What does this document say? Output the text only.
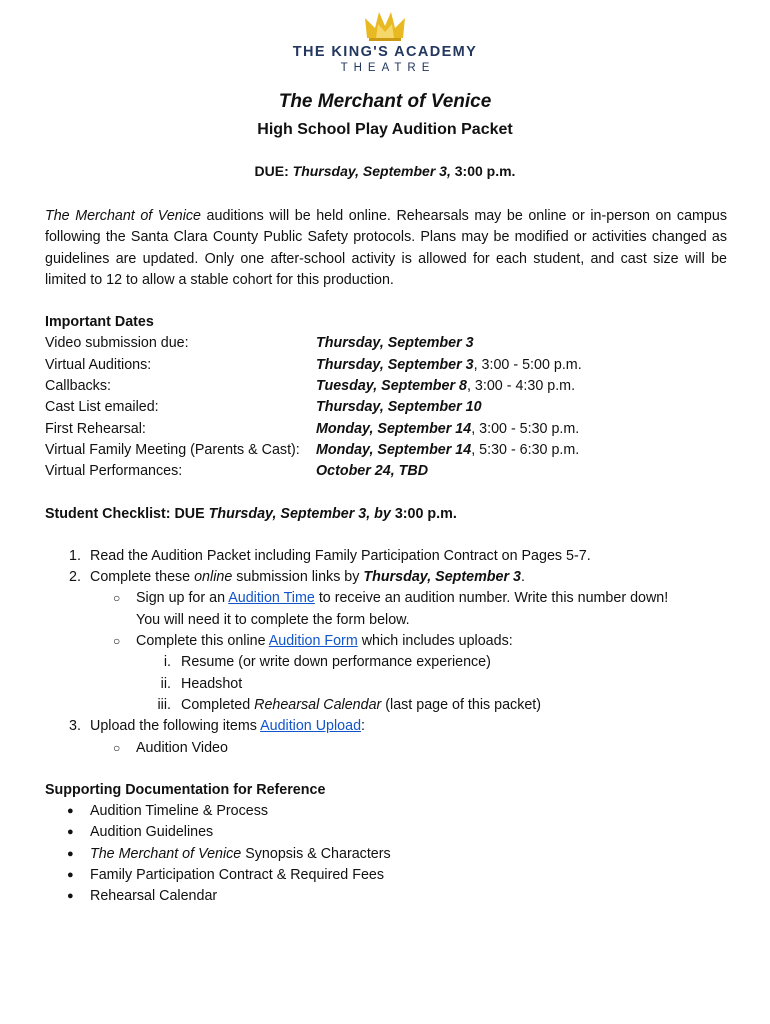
THE KING'S ACADEMY
THEATRE

The Merchant of Venice

High School Play Audition Packet

DUE: Thursday, September 3, 3:00 p.m.

The Merchant of Venice auditions will be held online. Rehearsals may be online or in-person on campus following the Santa Clara County Public Safety protocols. Plans may be modified or activities changed as guidelines are updated. Only one after-school activity is allowed for each student, and cast size will be limited to 12 to allow a stable cohort for this production.

Important Dates

Video submission due:	Thursday, September 3
Virtual Auditions:	Thursday, September 3, 3:00 - 5:00 p.m.
Callbacks:	Tuesday, September 8, 3:00 - 4:30 p.m.
Cast List emailed:	Thursday, September 10
First Rehearsal:	Monday, September 14, 3:00 - 5:30 p.m.
Virtual Family Meeting (Parents & Cast):	Monday, September 14, 5:30 - 6:30 p.m.
Virtual Performances:	October 24, TBD

Student Checklist: DUE Thursday, September 3, by 3:00 p.m.

1. Read the Audition Packet including Family Participation Contract on Pages 5-7.
2. Complete these online submission links by Thursday, September 3.
○	Sign up for an Audition Time to receive an audition number. Write this number down!
You will need it to complete the form below.
○	Complete this online Audition Form which includes uploads:
i. Resume (or write down performance experience)
ii. Headshot
iii. Completed Rehearsal Calendar (last page of this packet)
3. Upload the following items Audition Upload:
○	Audition Video

Supporting Documentation for Reference

●	Audition Timeline & Process
●	Audition Guidelines
●	The Merchant of Venice Synopsis & Characters
●	Family Participation Contract & Required Fees
●	Rehearsal Calendar
